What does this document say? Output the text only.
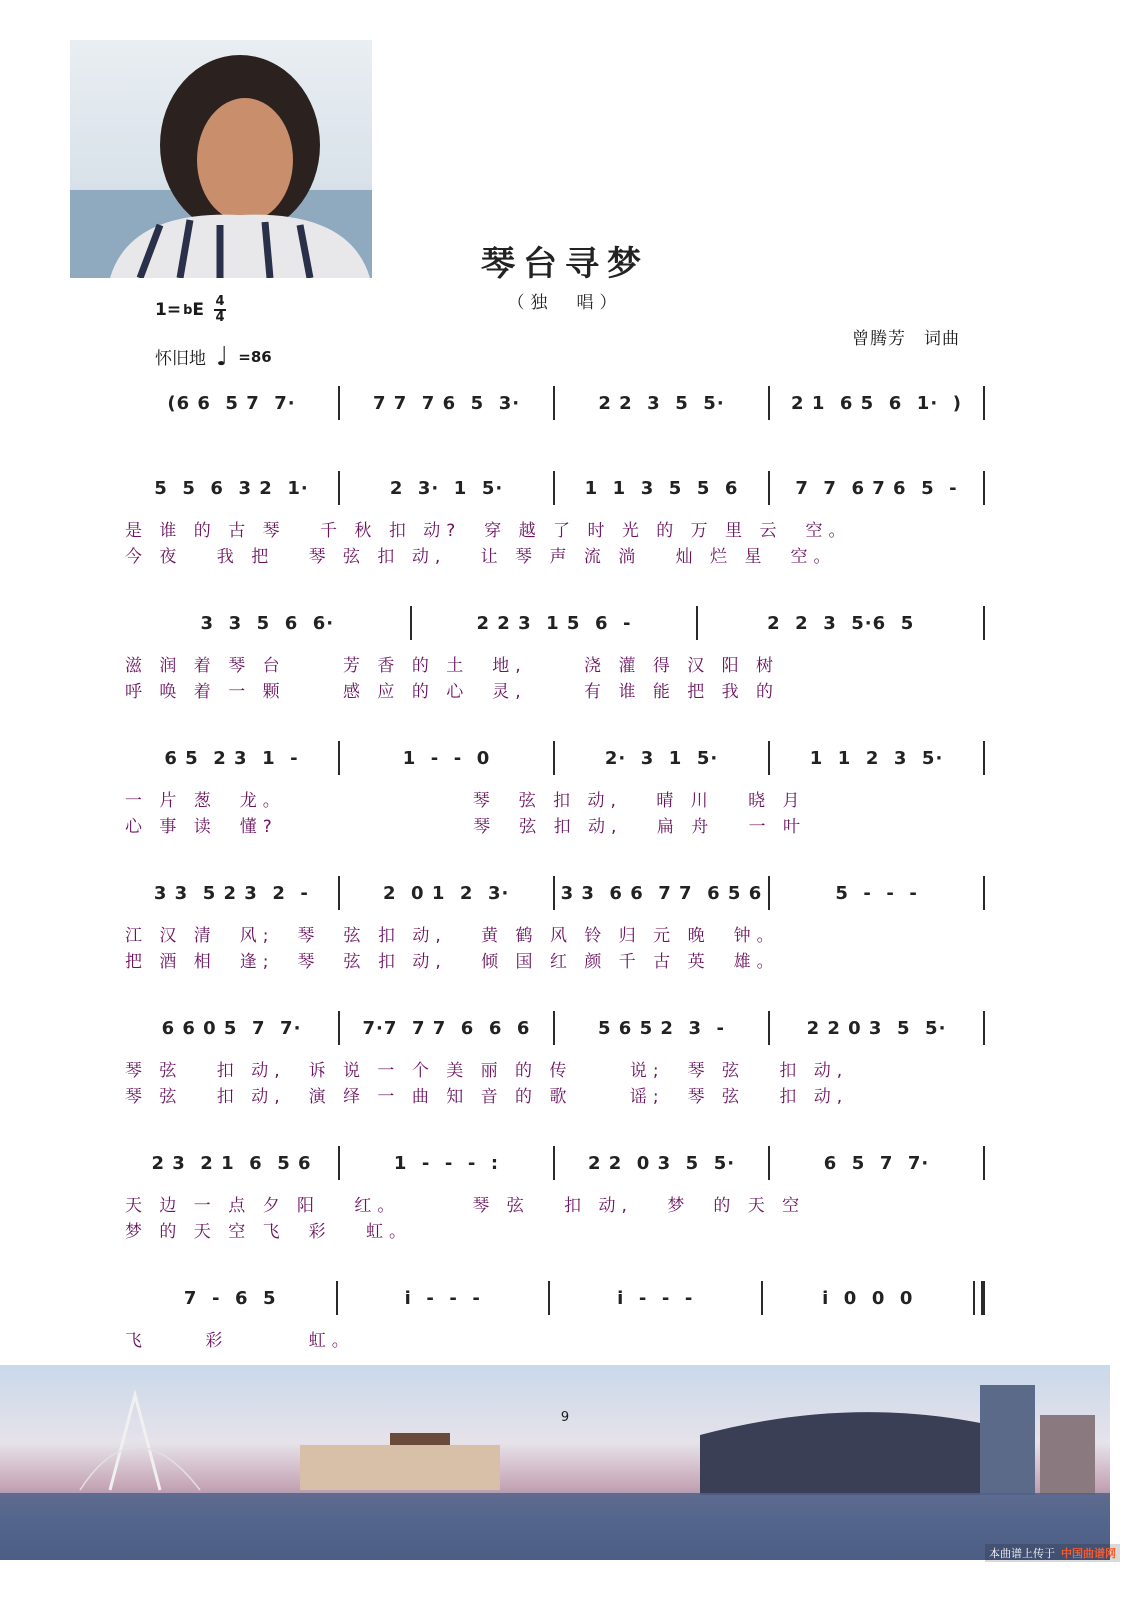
琴台寻梦
（独　唱）
1= b E 4
4
怀旧地 ♩ =86
曾腾芳　词曲
(6 6  5 7  7·	7 7  7 6  5  3·	2 2  3  5  5·	2 1  6 5  6  1·  )
5  5  6  3 2  1·	2  3·  1  5·	1  1  3  5  5  6	7  7  6 7 6  5  -
是 谁 的 古 琴　 千 秋 扣 动?　穿 越 了 时 光 的 万 里 云　空。
今 夜　 我 把　 琴 弦 扣 动,　 让 琴 声 流 淌　 灿 烂 星　空。
3  3  5  6  6·	2 2 3  1 5  6  -	2  2  3  5·6  5
滋 润 着 琴 台　　 芳 香 的 土　地,　　 浇 灌 得 汉 阳 树
呼 唤 着 一 颗　　 感 应 的 心　灵,　　 有 谁 能 把 我 的
6 5  2 3  1  -	1  -  -  0	2·  3  1  5·	1  1  2  3  5·
一 片 葱　龙。　　　　　　　　 琴　弦 扣 动,　 晴 川　 晓 月
心 事 读　懂?　　　　　　　　 琴　弦 扣 动,　 扁 舟　 一 叶
3 3  5 2 3  2  -	2  0 1  2  3·	3 3  6 6  7 7  6 5 6	5  -  -  -
江 汉 清　风;　琴　弦 扣 动,　 黄 鹤 风 铃 归 元 晚　钟。
把 酒 相　逢;　琴　弦 扣 动,　 倾 国 红 颜 千 古 英　雄。
6 6 0 5  7  7·	7·7  7 7  6  6  6	5 6 5 2  3  -	2 2 0 3  5  5·
琴 弦　 扣 动,　诉 说 一 个 美 丽 的 传　　 说;　琴 弦　 扣 动,
琴 弦　 扣 动,　演 绎 一 曲 知 音 的 歌　　 谣;　琴 弦　 扣 动,
2 3  2 1  6  5 6	1  -  -  -  :	2 2  0 3  5  5·	6  5  7  7·
天 边 一 点 夕 阳　 红。　　　 琴 弦　 扣 动,　 梦　的 天 空
梦 的 天 空 飞　彩　 虹。
7  -  6  5	i  -  -  -	i  -  -  -	i  0  0  0
飞　　 彩　　　 虹。
9
本曲谱上传于 中国曲谱网
